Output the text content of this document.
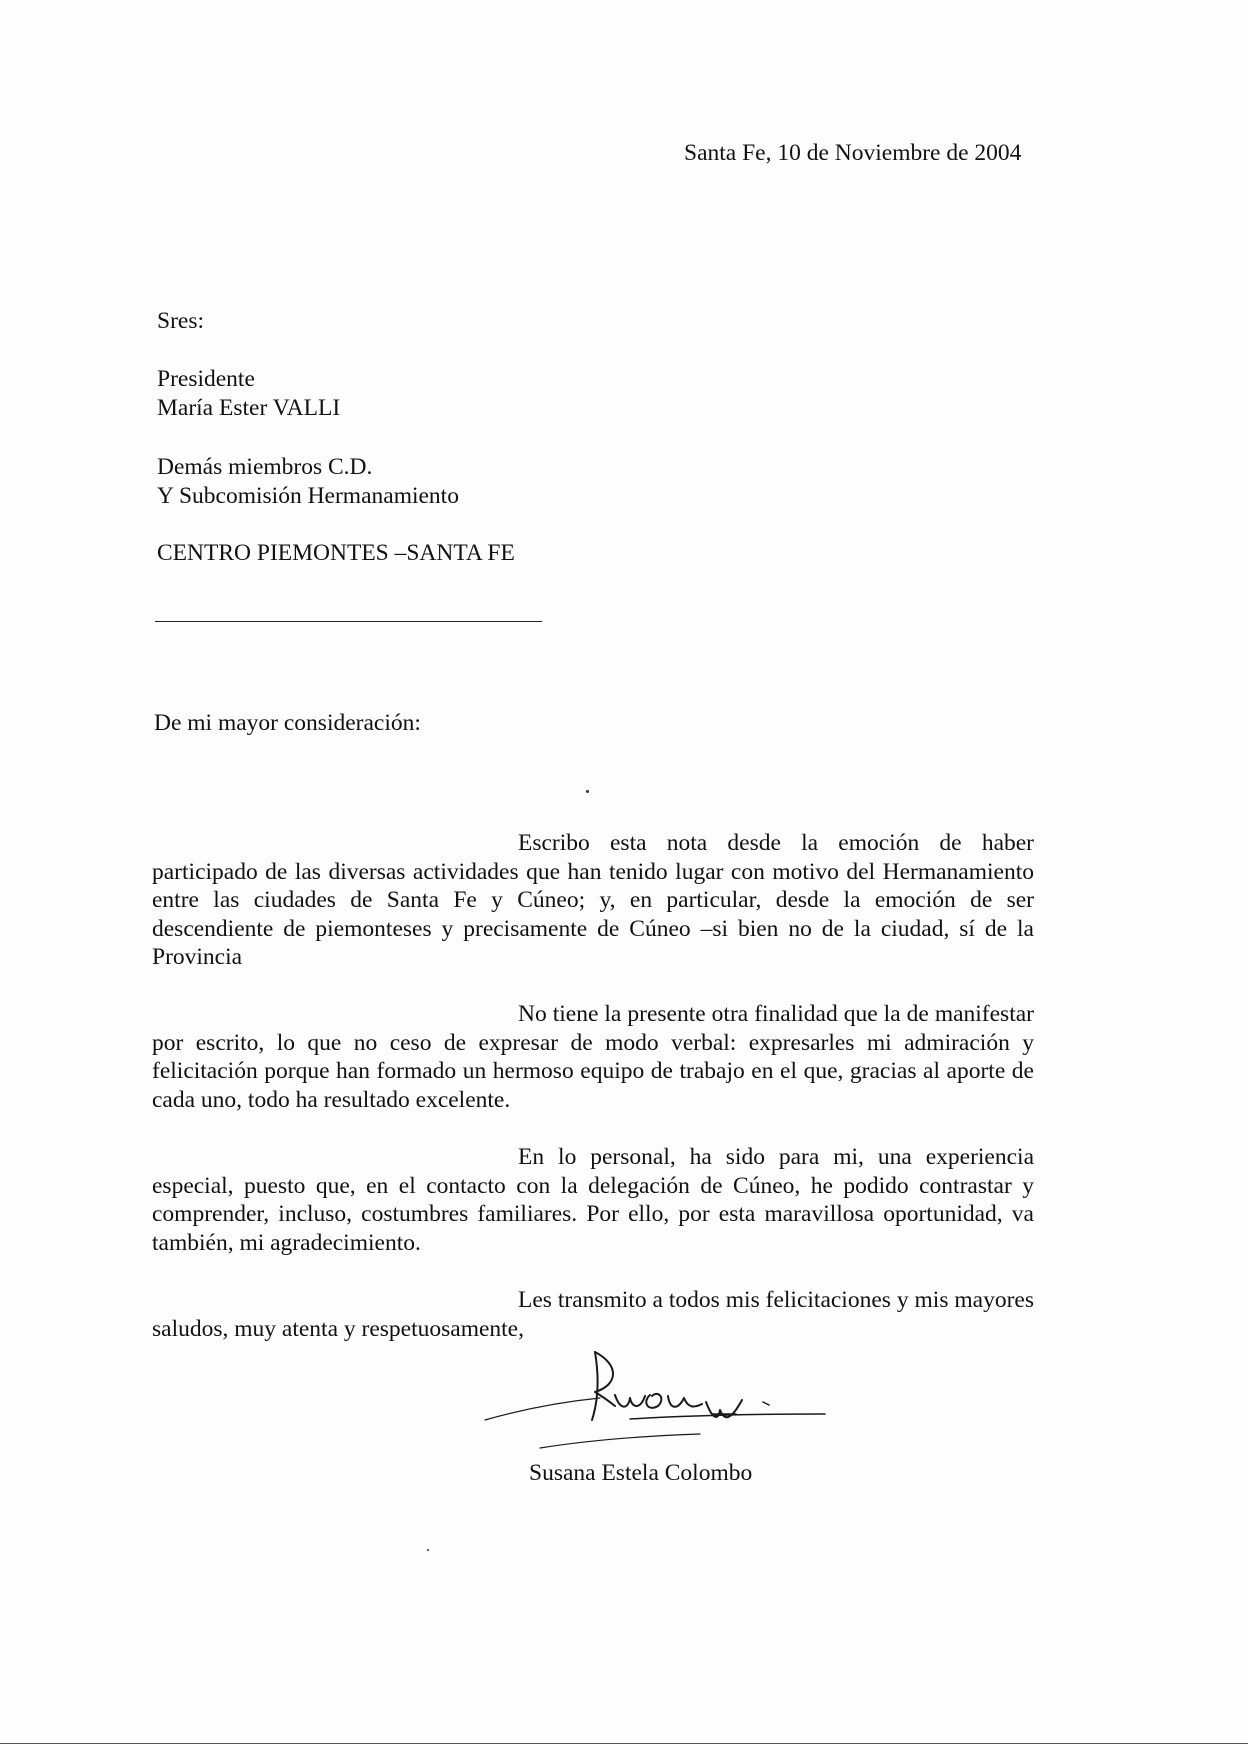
Santa Fe, 10 de Noviembre de 2004
Sres:
Presidente
María Ester VALLI
Demás miembros C.D.
Y Subcomisión Hermanamiento
CENTRO PIEMONTES –SANTA FE
De mi mayor consideración:
Escribo esta nota desde la emoción de haber participado de las diversas actividades que han tenido lugar con motivo del Hermanamiento entre las ciudades de Santa Fe y Cúneo; y, en particular, desde la emoción de ser descendiente de piemonteses y precisamente de Cúneo –si bien no de la ciudad, sí de la Provincia
No tiene la presente otra finalidad que la de manifestar por escrito, lo que no ceso de expresar de modo verbal: expresarles mi admiración y felicitación porque han formado un hermoso equipo de trabajo en el que, gracias al aporte de cada uno, todo ha resultado excelente.
En lo personal, ha sido para mi, una experiencia especial, puesto que, en el contacto con la delegación de Cúneo, he podido contrastar y comprender, incluso, costumbres familiares. Por ello, por esta maravillosa oportunidad, va también, mi agradecimiento.
Les transmito a todos mis felicitaciones y mis mayores saludos, muy atenta y respetuosamente,
Susana Estela Colombo
